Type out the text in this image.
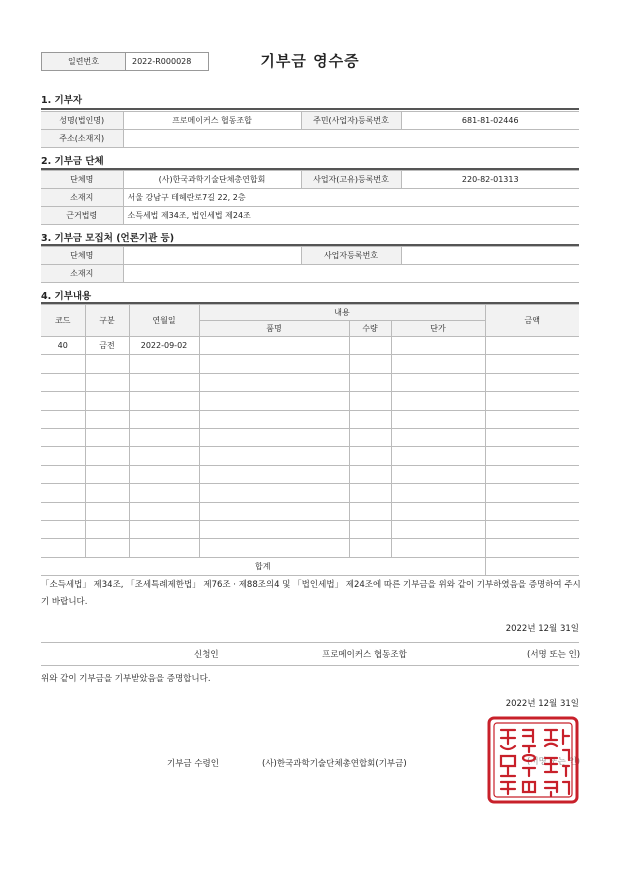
일련번호	2022-R000028	기부금 영수증
1. 기부자
성명(법인명)	프로메이커스 협동조합	주민(사업자)등록번호	681-81-02446
주소(소재지)			
2. 기부금 단체
단체명	(사)한국과학기술단체총연합회	사업자(고유)등록번호	220-82-01313
소재지	서울 강남구 테헤란로7길 22, 2층		
근거법령	소득세법 제34조, 법인세법 제24조		
3. 기부금 모집처 (언론기관 등)
단체명		사업자등록번호	
소재지			
4. 기부내용
코드	구분	연월일	내용			금액
			품명	수량	단가	
40	금전	2022-09-02				

합계						
「소득세법」 제34조, 「조세특례제한법」 제76조 · 제88조의4 및 「법인세법」 제24조에 따른 기부금을 위와 같이 기부하였음을 증명하여 주시기 바랍니다.
2022년 12월 31일
신청인	프로메이커스 협동조합	(서명 또는 인)
위와 같이 기부금을 기부받았음을 증명합니다.
2022년 12월 31일
기부금 수령인	(사)한국과학기술단체총연합회(기부금)	(서명 또는 인)
